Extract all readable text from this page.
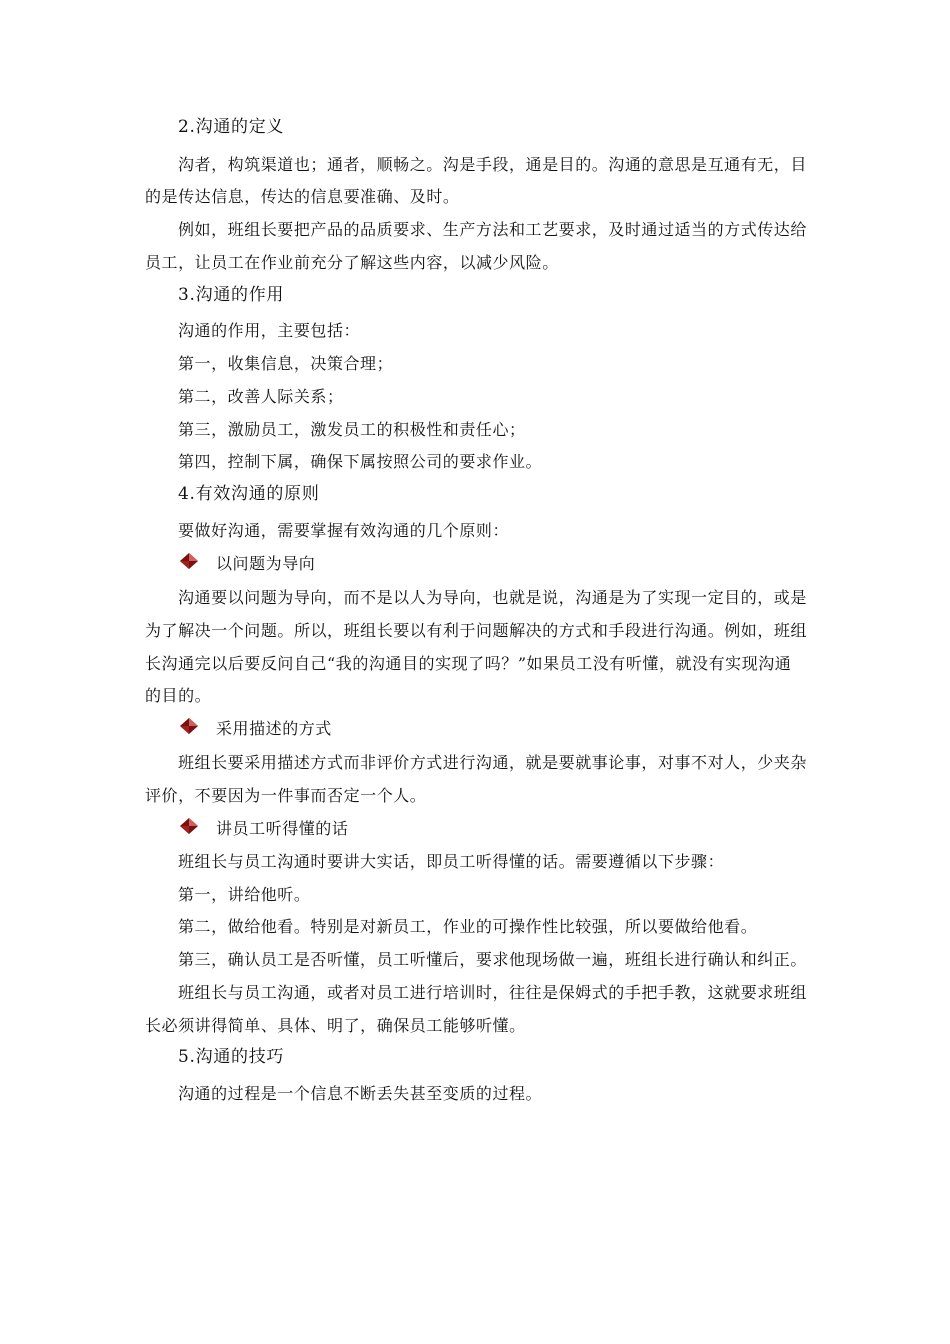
2.沟通的定义
沟者，构筑渠道也；通者，顺畅之。沟是手段，通是目的。沟通的意思是互通有无，目
的是传达信息，传达的信息要准确、及时。
例如，班组长要把产品的品质要求、生产方法和工艺要求，及时通过适当的方式传达给
员工，让员工在作业前充分了解这些内容，以减少风险。
3.沟通的作用
沟通的作用，主要包括：
第一，收集信息，决策合理；
第二，改善人际关系；
第三，激励员工，激发员工的积极性和责任心；
第四，控制下属，确保下属按照公司的要求作业。
4.有效沟通的原则
要做好沟通，需要掌握有效沟通的几个原则：
以问题为导向
沟通要以问题为导向，而不是以人为导向，也就是说，沟通是为了实现一定目的，或是
为了解决一个问题。所以，班组长要以有利于问题解决的方式和手段进行沟通。例如，班组
长沟通完以后要反问自己“我的沟通目的实现了吗？”如果员工没有听懂，就没有实现沟通
的目的。
采用描述的方式
班组长要采用描述方式而非评价方式进行沟通，就是要就事论事，对事不对人，少夹杂
评价，不要因为一件事而否定一个人。
讲员工听得懂的话
班组长与员工沟通时要讲大实话，即员工听得懂的话。需要遵循以下步骤：
第一，讲给他听。
第二，做给他看。特别是对新员工，作业的可操作性比较强，所以要做给他看。
第三，确认员工是否听懂，员工听懂后，要求他现场做一遍，班组长进行确认和纠正。
班组长与员工沟通，或者对员工进行培训时，往往是保姆式的手把手教，这就要求班组
长必须讲得简单、具体、明了，确保员工能够听懂。
5.沟通的技巧
沟通的过程是一个信息不断丢失甚至变质的过程。
